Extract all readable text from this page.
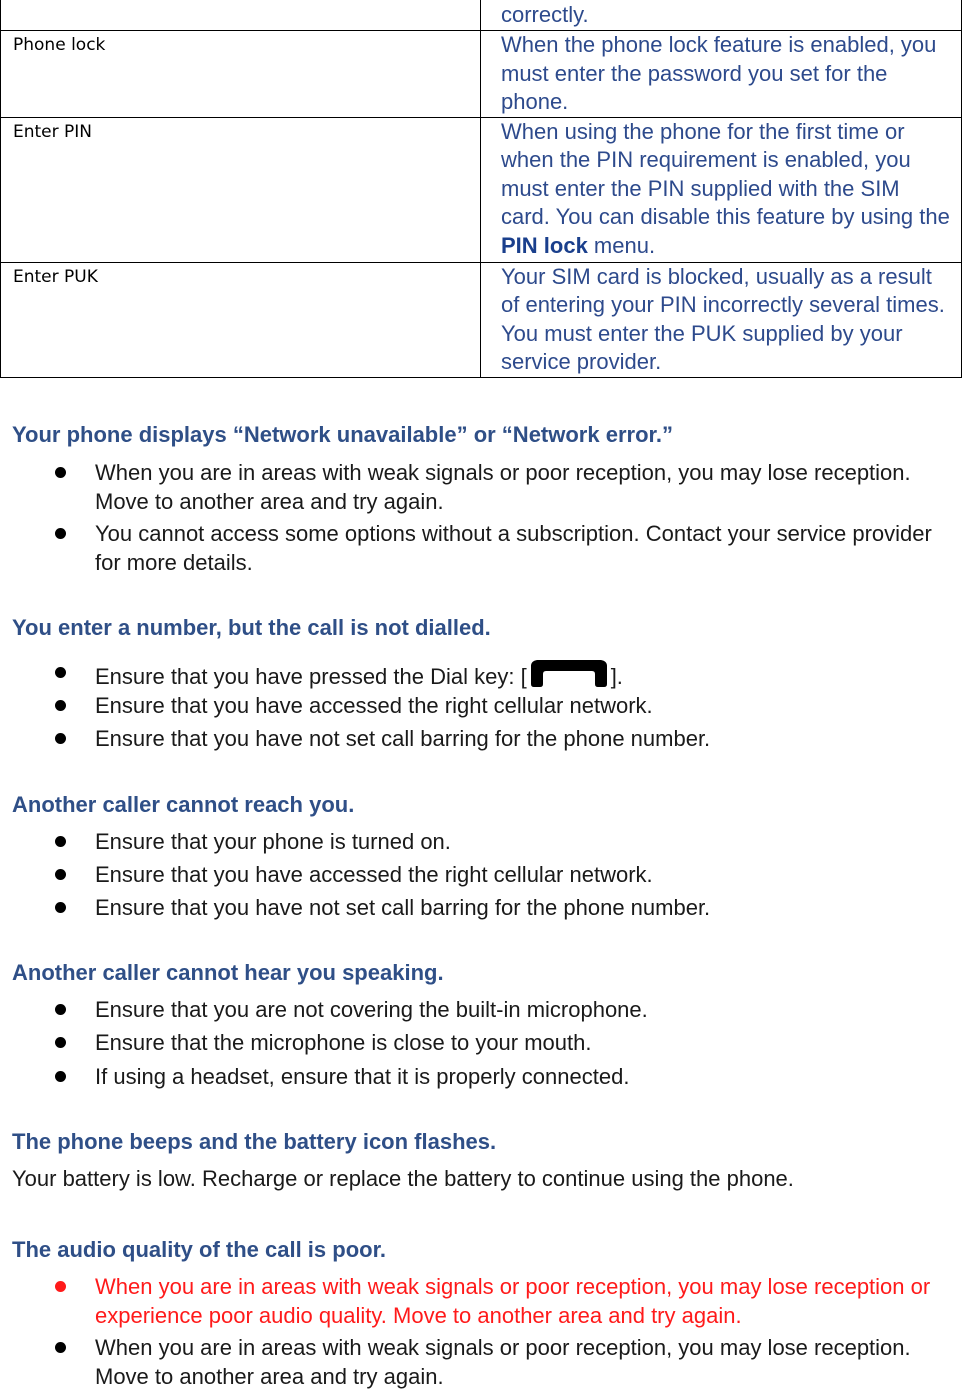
	correctly.
Phone lock	When the phone lock feature is enabled, you must enter the password you set for the phone.
Enter PIN	When using the phone for the first time or when the PIN requirement is enabled, you must enter the PIN supplied with the SIM card. You can disable this feature by using the PIN lock menu.
Enter PUK	Your SIM card is blocked, usually as a result of entering your PIN incorrectly several times. You must enter the PUK supplied by your service provider.
Your phone displays “Network unavailable” or “Network error.”
When you are in areas with weak signals or poor reception, you may lose reception. Move to another area and try again.
You cannot access some options without a subscription. Contact your service provider for more details.
You enter a number, but the call is not dialled.
Ensure that you have pressed the Dial key: [	].
Ensure that you have accessed the right cellular network.
Ensure that you have not set call barring for the phone number.
Another caller cannot reach you.
Ensure that your phone is turned on.
Ensure that you have accessed the right cellular network.
Ensure that you have not set call barring for the phone number.
Another caller cannot hear you speaking.
Ensure that you are not covering the built-in microphone.
Ensure that the microphone is close to your mouth.
If using a headset, ensure that it is properly connected.
The phone beeps and the battery icon flashes.
Your battery is low. Recharge or replace the battery to continue using the phone.
The audio quality of the call is poor.
When you are in areas with weak signals or poor reception, you may lose reception or experience poor audio quality. Move to another area and try again.
When you are in areas with weak signals or poor reception, you may lose reception. Move to another area and try again.
